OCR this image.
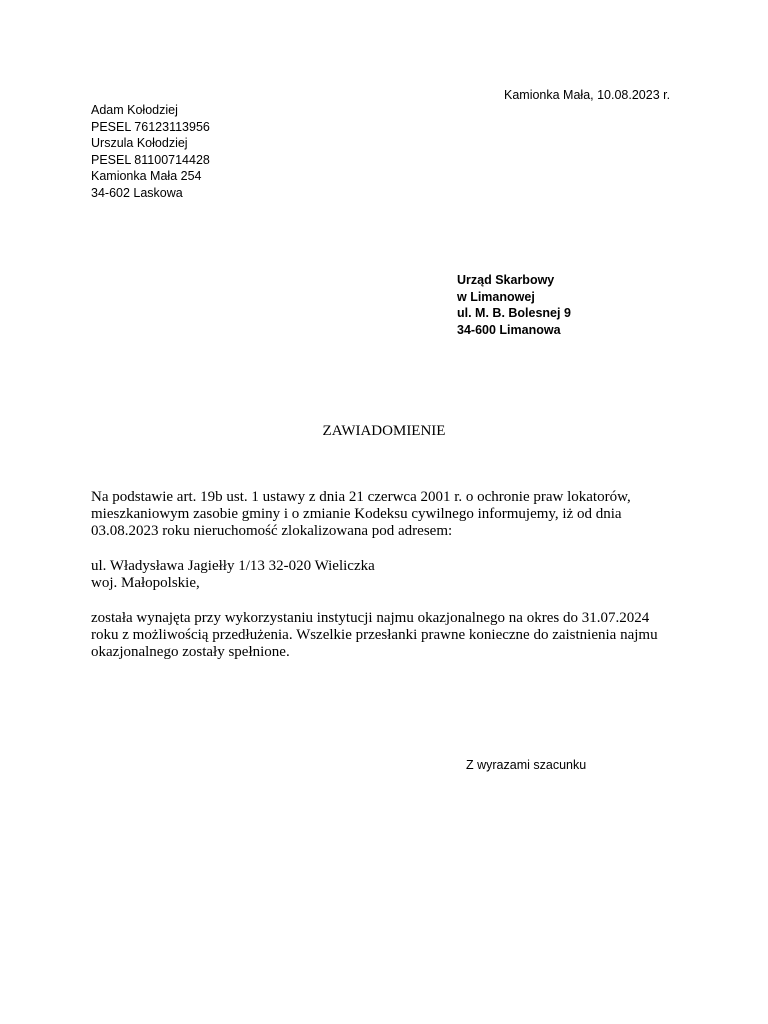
Kamionka Mała, 10.08.2023 r.
Adam Kołodziej
PESEL 76123113956
Urszula Kołodziej
PESEL 81100714428
Kamionka Mała 254
34-602 Laskowa
Urząd Skarbowy
w Limanowej
ul. M. B. Bolesnej 9
34-600 Limanowa
ZAWIADOMIENIE
Na podstawie art. 19b ust. 1 ustawy z dnia 21 czerwca 2001 r. o ochronie praw lokatorów,
mieszkaniowym zasobie gminy i o zmianie Kodeksu cywilnego informujemy, iż od dnia
03.08.2023 roku nieruchomość zlokalizowana pod adresem:
ul. Władysława Jagiełły 1/13 32-020 Wieliczka
woj. Małopolskie,
została wynajęta przy wykorzystaniu instytucji najmu okazjonalnego na okres do 31.07.2024
roku z możliwością przedłużenia. Wszelkie przesłanki prawne konieczne do zaistnienia najmu
okazjonalnego zostały spełnione.
Z wyrazami szacunku
